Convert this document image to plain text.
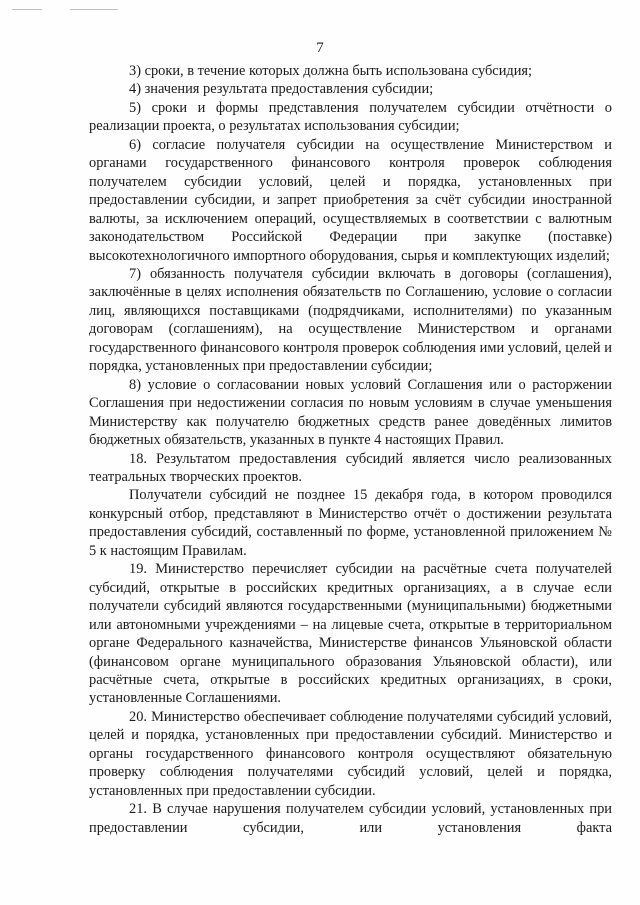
7

3) сроки, в течение которых должна быть использована субсидия;

4) значения результата предоставления субсидии;

5) сроки и формы представления получателем субсидии отчётности о реализации проекта, о результатах использования субсидии;

6) согласие получателя субсидии на осуществление Министерством и органами государственного финансового контроля проверок соблюдения получателем субсидии условий, целей и порядка, установленных при предоставлении субсидии, и запрет приобретения за счёт субсидии иностранной валюты, за исключением операций, осуществляемых в соответствии с валютным законодательством Российской Федерации при закупке (поставке) высокотехнологичного импортного оборудования, сырья и комплектующих изделий;

7) обязанность получателя субсидии включать в договоры (соглашения), заключённые в целях исполнения обязательств по Соглашению, условие о согласии лиц, являющихся поставщиками (подрядчиками, исполнителями) по указанным договорам (соглашениям), на осуществление Министерством и органами государственного финансового контроля проверок соблюдения ими условий, целей и порядка, установленных при предоставлении субсидии;

8) условие о согласовании новых условий Соглашения или о расторжении Соглашения при недостижении согласия по новым условиям в случае уменьшения Министерству как получателю бюджетных средств ранее доведённых лимитов бюджетных обязательств, указанных в пункте 4 настоящих Правил.

18. Результатом предоставления субсидий является число реализованных театральных творческих проектов.

Получатели субсидий не позднее 15 декабря года, в котором проводился конкурсный отбор, представляют в Министерство отчёт о достижении результата предоставления субсидий, составленный по форме, установленной приложением № 5 к настоящим Правилам.

19. Министерство перечисляет субсидии на расчётные счета получателей субсидий, открытые в российских кредитных организациях, а в случае если получатели субсидий являются государственными (муниципальными) бюджетными или автономными учреждениями – на лицевые счета, открытые в территориальном органе Федерального казначейства, Министерстве финансов Ульяновской области (финансовом органе муниципального образования Ульяновской области), или расчётные счета, открытые в российских кредитных организациях, в сроки, установленные Соглашениями.

20. Министерство обеспечивает соблюдение получателями субсидий условий, целей и порядка, установленных при предоставлении субсидий. Министерство и органы государственного финансового контроля осуществляют обязательную проверку соблюдения получателями субсидий условий, целей и порядка, установленных при предоставлении субсидии.

21. В случае нарушения получателем субсидии условий, установленных при предоставлении субсидии, или установления факта
